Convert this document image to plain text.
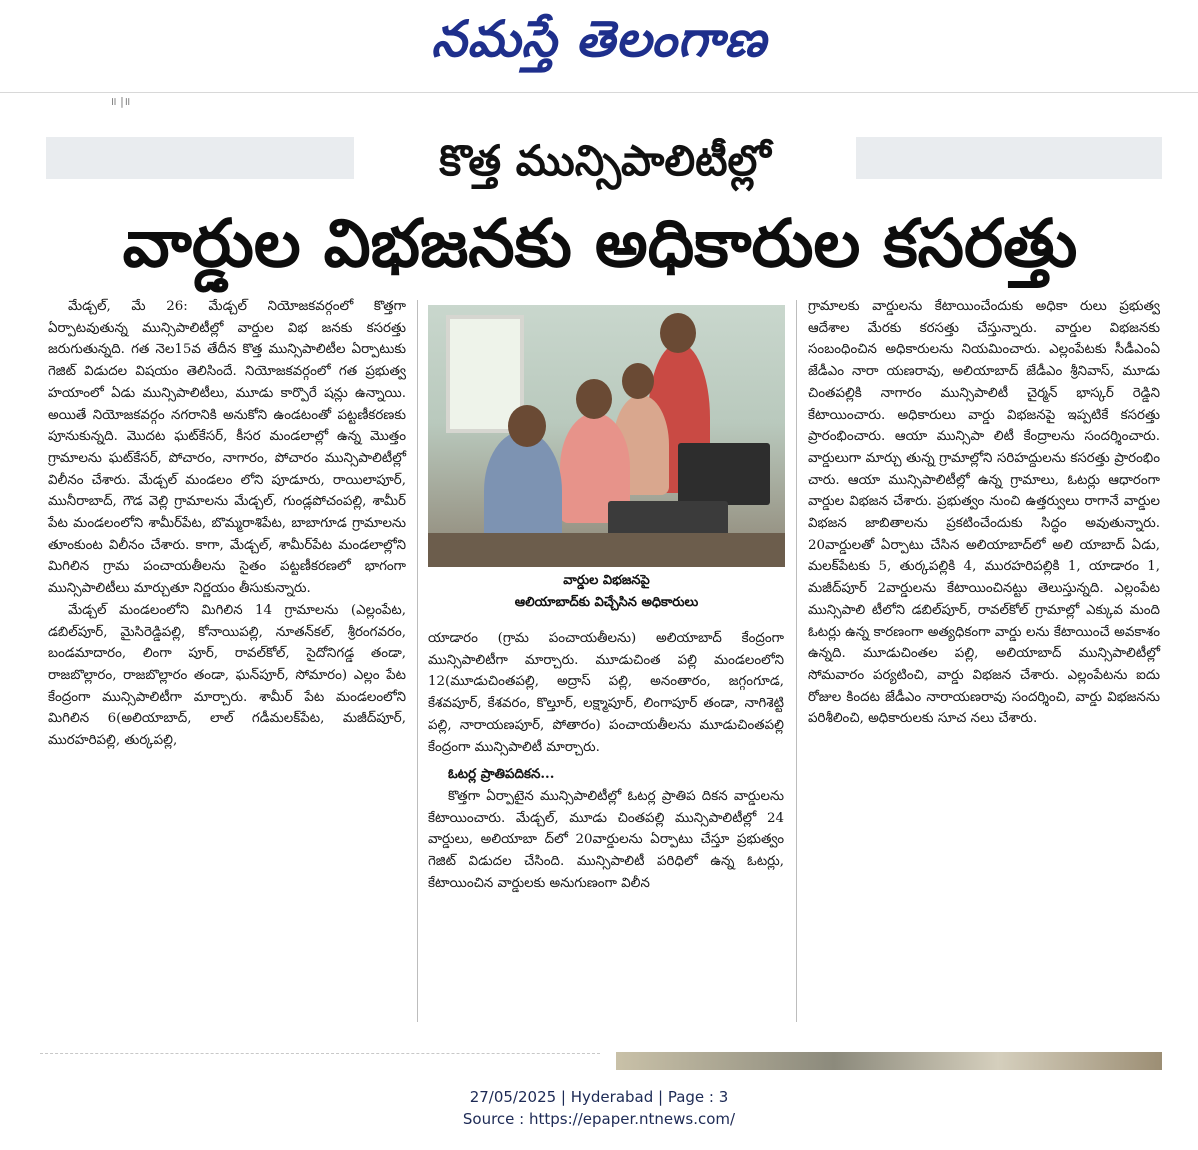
నమస్తే తెలంగాణ
॥ |॥
కొత్త మున్సిపాలిటీల్లో
వార్డుల విభజనకు అధికారుల కసరత్తు

మేడ్చల్, మే 26: మేడ్చల్ నియోజకవర్గంలో కొత్తగా ఏర్పాటవుతున్న మున్సిపాలిటీల్లో వార్డుల విభ జనకు కసరత్తు జరుగుతున్నది. గత నెల15వ తేదీన కొత్త మున్సిపాలిటీల ఏర్పాటుకు గెజిట్ విడుదల విషయం తెలిసిందే. నియోజకవర్గంలో గత ప్రభుత్వ హయాంలో ఏడు మున్సిపాలిటీలు, మూడు కార్పొరే షన్లు ఉన్నాయి. అయితే నియోజకవర్గం నగరానికి అనుకోని ఉండటంతో పట్టణీకరణకు పూనుకున్నది. మొదట ఘట్‌కేసర్, కీసర మండలాల్లో ఉన్న మొత్తం గ్రామాలను ఘట్‌కేసర్, పోచారం, నాగారం, పోచారం మున్సిపాలిటీల్లో విలీనం చేశారు. మేడ్చల్ మండలం లోని పూడూరు, రాయిలాపూర్, మునీరాబాద్, గౌడ వెల్లి గ్రామాలను మేడ్చల్, గుండ్లపోచంపల్లి, శామీర్ పేట మండలంలోని శామీర్‌పేట, బొమ్మరాశిపేట, బాబాగూడ గ్రామాలను తూంకుంట విలీనం చేశారు. కాగా, మేడ్చల్, శామీర్‌పేట మండలాల్లోని మిగిలిన గ్రామ పంచాయతీలను సైతం పట్టణీకరణలో భాగంగా మున్సిపాలిటీలు మార్చుతూ నిర్ణయం తీసుకున్నారు.

మేడ్చల్ మండలంలోని మిగిలిన 14 గ్రామాలను (ఎల్లంపేట, డబిల్‌పూర్, మైసిరెడ్డిపల్లి, కోనాయిపల్లి, నూతన్‌కల్, శ్రీరంగవరం, బండమాదారం, లింగా పూర్, రావల్‌కోల్, సైదోనిగడ్డ తండా, రాజబొల్లారం, రాజబొల్లారం తండా, ఘన్‌పూర్, సోమారం) ఎల్లం పేట కేంద్రంగా మున్సిపాలిటీగా మార్చారు. శామీర్ పేట మండలంలోని మిగిలిన 6(అలియాబాద్, లాల్ గడీమలక్‌పేట, మజీద్‌పూర్, మురహరిపల్లి, తుర్కపల్లి,

వార్డుల విభజనపై
ఆలియాబాద్‌కు విచ్చేసిన అధికారులు

యాడారం (గ్రామ పంచాయతీలను) అలియాబాద్ కేంద్రంగా మున్సిపాలిటీగా మార్చారు. మూడుచింత పల్లి మండలంలోని 12(మూడుచింతపల్లి, అద్రాస్ పల్లి, అనంతారం, జగ్గంగూడ, కేశవపూర్, కేశవరం, కొల్తూర్, లక్ష్మాపూర్, లింగాపూర్ తండా, నాగిశెట్టి పల్లి, నారాయణపూర్, పోతారం) పంచాయతీలను మూడుచింతపల్లి కేంద్రంగా మున్సిపాలిటీ మార్చారు.

ఓటర్ల ప్రాతిపదికన...

కొత్తగా ఏర్పాటైన మున్సిపాలిటీల్లో ఓటర్ల ప్రాతిప దికన వార్డులను కేటాయించారు. మేడ్చల్, మూడు చింతపల్లి మున్సిపాలిటీల్లో 24 వార్డులు, అలియాబా ద్‌లో 20వార్డులను ఏర్పాటు చేస్తూ ప్రభుత్వం గెజిట్ విడుదల చేసింది. మున్సిపాలిటీ పరిధిలో ఉన్న ఓటర్లు, కేటాయించిన వార్డులకు అనుగుణంగా విలీన

గ్రామాలకు వార్డులను కేటాయించేందుకు అధికా రులు ప్రభుత్వ ఆదేశాల మేరకు కరసత్తు చేస్తున్నారు. వార్డుల విభజనకు సంబంధించిన అధికారులను నియమించారు. ఎల్లంపేటకు సీడీఎంఏ జేడీఎం నారా యణరావు, అలియాబాద్ జేడీఎం శ్రీనివాస్, మూడు చింతపల్లికి నాగారం మున్సిపాలిటీ చైర్మన్ భాస్కర్ రెడ్డిని కేటాయించారు. అధికారులు వార్డు విభజనపై ఇప్పటికే కసరత్తు ప్రారంభించారు. ఆయా మున్సిపా లిటీ కేంద్రాలను సందర్శించారు. వార్డులుగా మార్చు తున్న గ్రామాల్లోని సరిహద్దులను కసరత్తు ప్రారంభిం చారు. ఆయా మున్సిపాలిటీల్లో ఉన్న గ్రామాలు, ఓటర్లు ఆధారంగా వార్డుల విభజన చేశారు. ప్రభుత్వం నుంచి ఉత్తర్వులు రాగానే వార్డుల విభజన జాబితాలను ప్రకటించేందుకు సిద్ధం అవుతున్నారు. 20వార్డులతో ఏర్పాటు చేసిన అలియాబాద్‌లో అలి యాబాద్ ఏడు, మలక్‌పేటకు 5, తుర్కపల్లికి 4, మురహరిపల్లికి 1, యాడారం 1, మజీద్‌పూర్ 2వార్డులను కేటాయించినట్టు తెలుస్తున్నది. ఎల్లంపేట మున్సిపాలి టీలోని డబిల్‌పూర్, రావల్‌కోల్ గ్రామాల్లో ఎక్కువ మంది ఓటర్లు ఉన్న కారణంగా అత్యధికంగా వార్డు లను కేటాయించే అవకాశం ఉన్నది. మూడుచింతల పల్లి, అలియాబాద్ మున్సిపాలిటీల్లో సోమవారం పర్యటించి, వార్డు విభజన చేశారు. ఎల్లంపేటను ఐదు రోజుల కిందట జేడీఎం నారాయణరావు సందర్శించి, వార్డు విభజనను పరిశీలించి, అధికారులకు సూచ నలు చేశారు.

27/05/2025 | Hyderabad | Page : 3
Source : https://epaper.ntnews.com/
